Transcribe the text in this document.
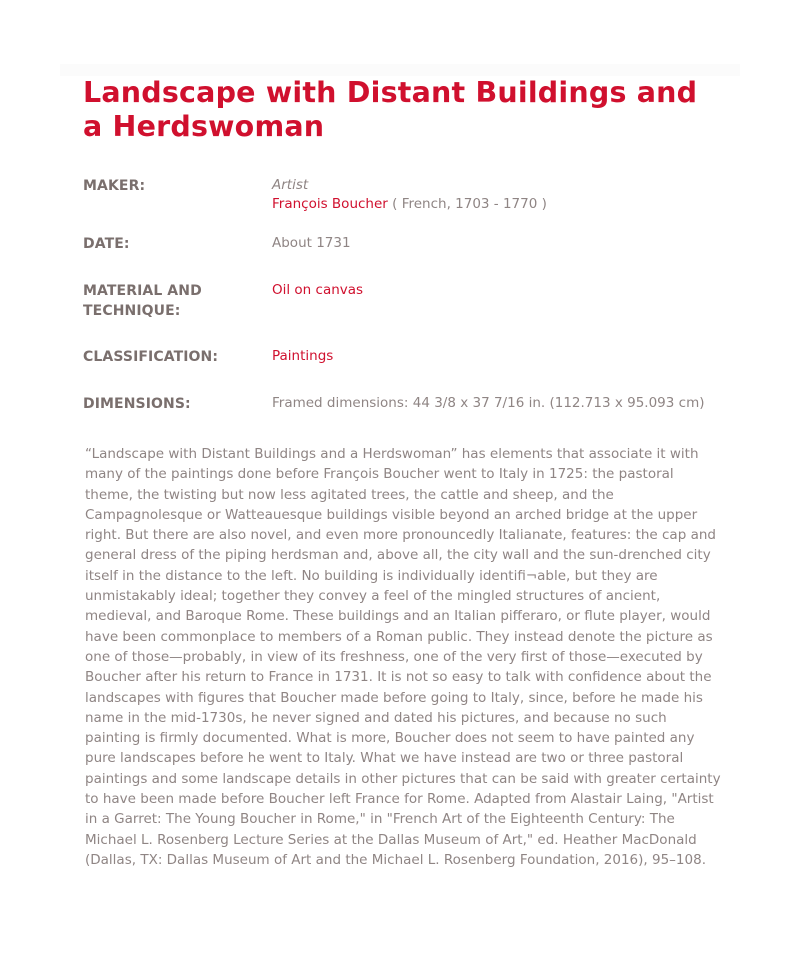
Landscape with Distant Buildings and a Herdswoman
MAKER:	Artist
François Boucher ( French, 1703 - 1770 )
DATE:	About 1731
MATERIAL AND TECHNIQUE:
Oil on canvas
CLASSIFICATION:	Paintings
DIMENSIONS:	Framed dimensions: 44 3/8 x 37 7/16 in. (112.713 x 95.093 cm)

“Landscape with Distant Buildings and a Herdswoman” has elements that associate it with many of the paintings done before François Boucher went to Italy in 1725: the pastoral theme, the twisting but now less agitated trees, the cattle and sheep, and the Campagnolesque or Watteauesque buildings visible beyond an arched bridge at the upper right. But there are also novel, and even more pronouncedly Italianate, features: the cap and general dress of the piping herdsman and, above all, the city wall and the sun-drenched city itself in the distance to the left. No building is individually identifi¬able, but they are unmistakably ideal; together they convey a feel of the mingled structures of ancient, medieval, and Baroque Rome. These buildings and an Italian pifferaro, or flute player, would have been commonplace to members of a Roman public. They instead denote the picture as one of those—probably, in view of its freshness, one of the very first of those—executed by Boucher after his return to France in 1731. It is not so easy to talk with confidence about the landscapes with figures that Boucher made before going to Italy, since, before he made his name in the mid-1730s, he never signed and dated his pictures, and because no such painting is firmly documented. What is more, Boucher does not seem to have painted any pure landscapes before he went to Italy. What we have instead are two or three pastoral paintings and some landscape details in other pictures that can be said with greater certainty to have been made before Boucher left France for Rome. Adapted from Alastair Laing, "Artist in a Garret: The Young Boucher in Rome," in "French Art of the Eighteenth Century: The Michael L. Rosenberg Lecture Series at the Dallas Museum of Art," ed. Heather MacDonald (Dallas, TX: Dallas Museum of Art and the Michael L. Rosenberg Foundation, 2016), 95–108.
